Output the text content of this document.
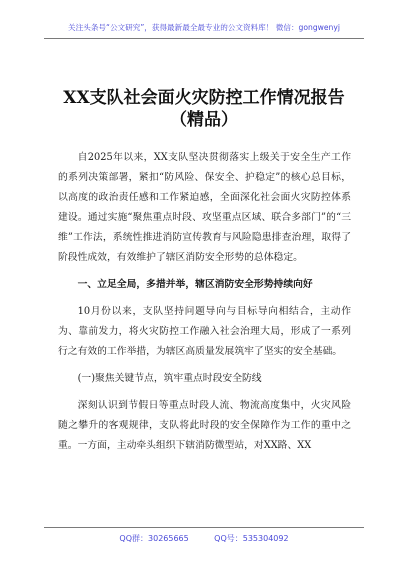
关注头条号“公文研究”，获得最新最全最专业的公文资料库！ 微信：gongwenyj
XX支队社会面火灾防控工作情况报告
（精品）

自2025年以来，XX支队坚决贯彻落实上级关于安全生产工作的系列决策部署，紧扣“防风险、保安全、护稳定”的核心总目标，以高度的政治责任感和工作紧迫感，全面深化社会面火灾防控体系建设。通过实施“聚焦重点时段、攻坚重点区域、联合多部门”的“三维”工作法，系统性推进消防宣传教育与风险隐患排查治理，取得了阶段性成效，有效维护了辖区消防安全形势的总体稳定。

一、立足全局，多措并举，辖区消防安全形势持续向好

10月份以来，支队坚持问题导向与目标导向相结合，主动作为、靠前发力，将火灾防控工作融入社会治理大局，形成了一系列行之有效的工作举措，为辖区高质量发展筑牢了坚实的安全基础。

(一)聚焦关键节点，筑牢重点时段安全防线

深刻认识到节假日等重点时段人流、物流高度集中，火灾风险随之攀升的客观规律，支队将此时段的安全保障作为工作的重中之重。一方面，主动牵头组织下辖消防微型站，对XX路、XX

QQ群：30265665          QQ号：535304092
